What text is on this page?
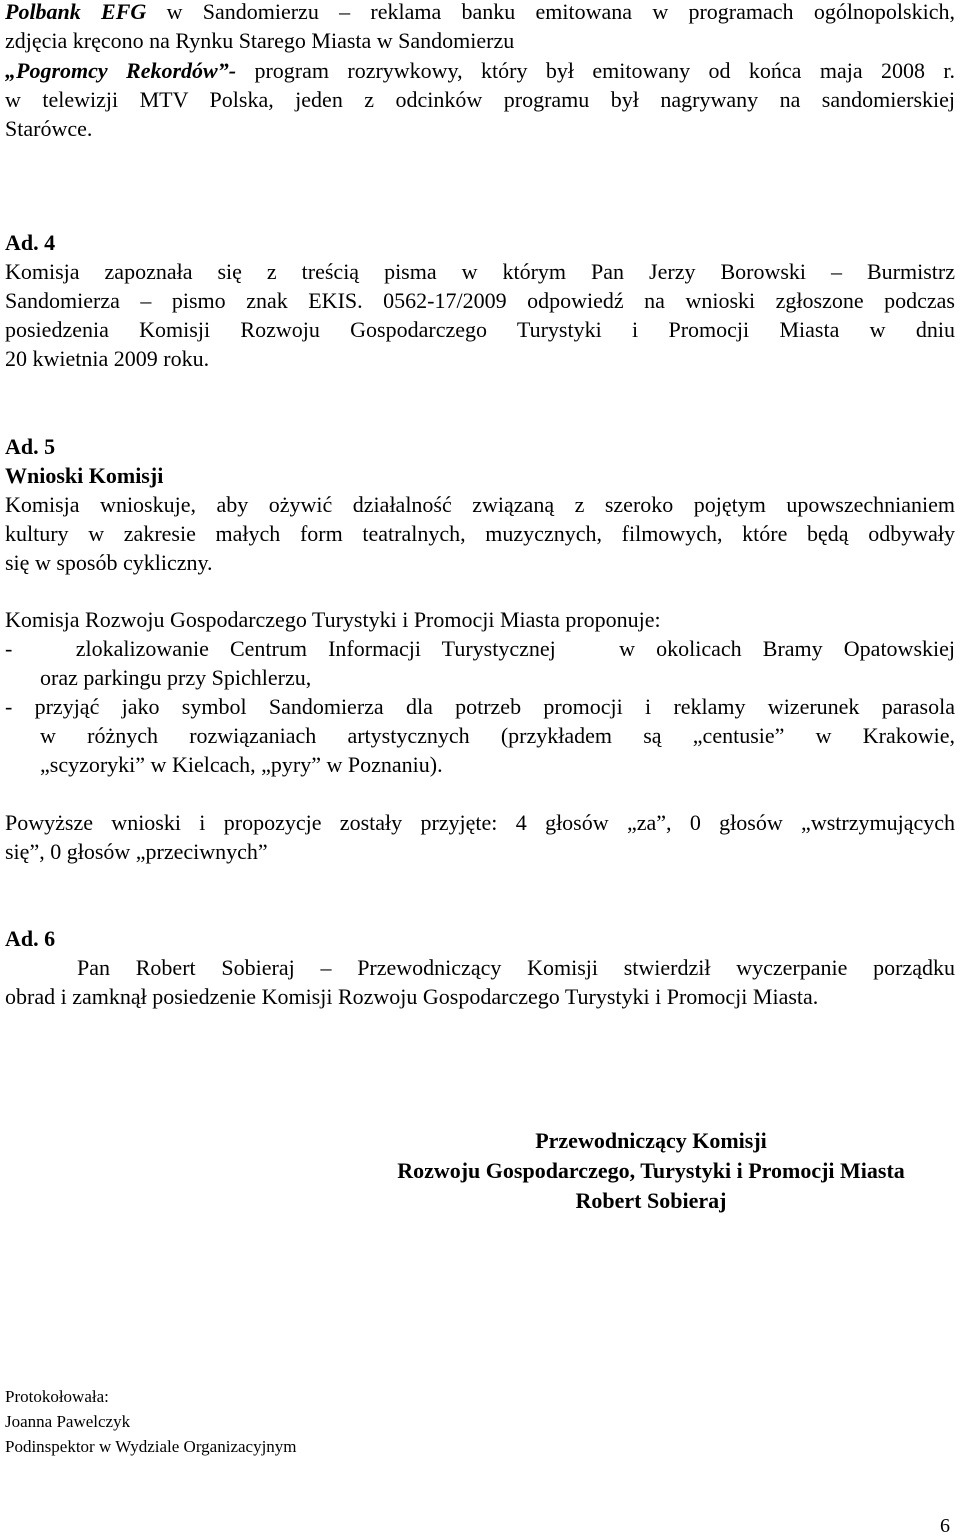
Polbank EFG w Sandomierzu – reklama banku emitowana w programach ogólnopolskich,
zdjęcia kręcono na Rynku Starego Miasta w Sandomierzu
„Pogromcy Rekordów”- program rozrywkowy, który był emitowany od końca maja 2008 r.
w telewizji MTV Polska, jeden z odcinków programu był nagrywany na sandomierskiej
Starówce.
Ad. 4
Komisja zapoznała się z treścią pisma w którym Pan Jerzy Borowski – Burmistrz
Sandomierza – pismo znak EKIS. 0562-17/2009 odpowiedź na wnioski zgłoszone podczas
posiedzenia Komisji Rozwoju Gospodarczego Turystyki i Promocji Miasta w dniu
20 kwietnia 2009 roku.
Ad. 5
Wnioski Komisji
Komisja wnioskuje, aby ożywić działalność związaną z szeroko pojętym upowszechnianiem
kultury w zakresie małych form teatralnych, muzycznych, filmowych, które będą odbywały
się w sposób cykliczny.
Komisja Rozwoju Gospodarczego Turystyki i Promocji Miasta proponuje:
-   zlokalizowanie Centrum Informacji Turystycznej   w okolicach Bramy Opatowskiej
oraz parkingu przy Spichlerzu,
- przyjąć jako symbol Sandomierza dla potrzeb promocji i reklamy wizerunek parasola
w różnych rozwiązaniach artystycznych (przykładem są „centusie” w Krakowie,
„scyzoryki” w Kielcach, „pyry” w Poznaniu).
Powyższe wnioski i propozycje zostały przyjęte: 4 głosów „za”, 0 głosów „wstrzymujących
się”, 0 głosów „przeciwnych”
Ad. 6
Pan Robert Sobieraj – Przewodniczący Komisji stwierdził wyczerpanie porządku
obrad i zamknął posiedzenie Komisji Rozwoju Gospodarczego Turystyki i Promocji Miasta.
Przewodniczący Komisji
Rozwoju Gospodarczego, Turystyki i Promocji Miasta
Robert Sobieraj
Protokołowała:
Joanna Pawelczyk
Podinspektor w Wydziale Organizacyjnym
6
